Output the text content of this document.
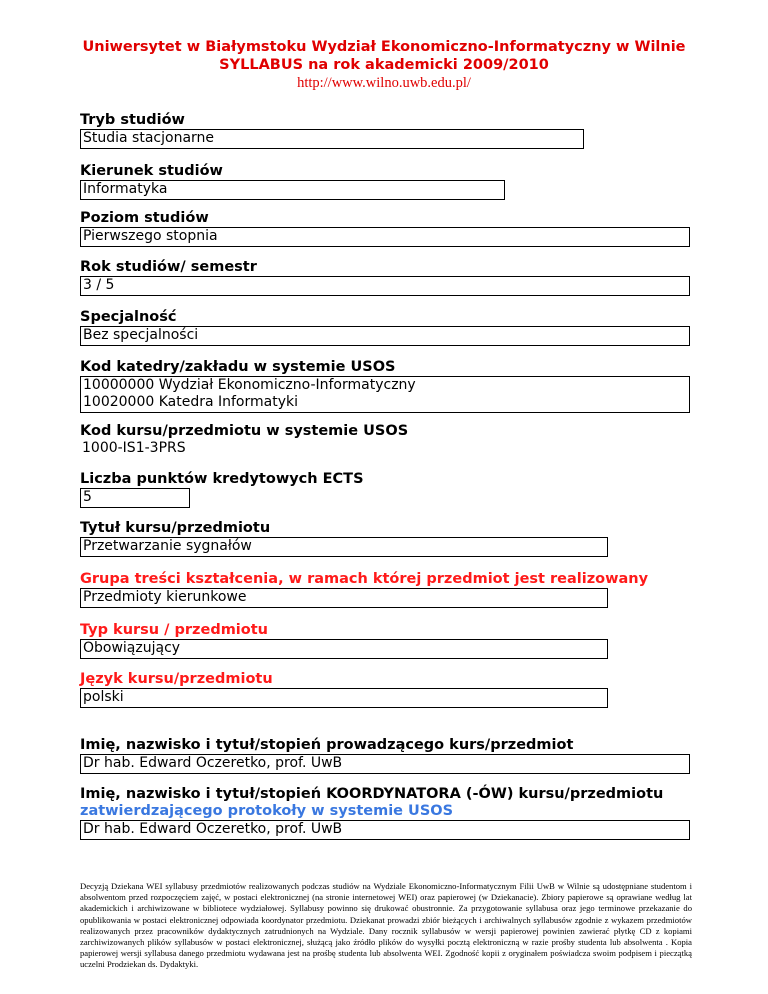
Uniwersytet w Białymstoku Wydział Ekonomiczno-Informatyczny w Wilnie
SYLLABUS na rok akademicki 2009/2010
http://www.wilno.uwb.edu.pl/
Tryb studiów
Studia stacjonarne
Kierunek studiów
Informatyka
Poziom studiów
Pierwszego stopnia
Rok studiów/ semestr
3 / 5
Specjalność
Bez specjalności
Kod katedry/zakładu w systemie USOS
10000000 Wydział Ekonomiczno-Informatyczny
10020000 Katedra Informatyki
Kod kursu/przedmiotu w systemie USOS
1000-IS1-3PRS
Liczba punktów kredytowych ECTS
5
Tytuł kursu/przedmiotu
Przetwarzanie sygnałów
Grupa treści kształcenia, w ramach której przedmiot jest realizowany
Przedmioty kierunkowe
Typ kursu / przedmiotu
Obowiązujący
Język kursu/przedmiotu
polski
Imię, nazwisko i tytuł/stopień prowadzącego kurs/przedmiot
Dr hab. Edward Oczeretko, prof. UwB
Imię, nazwisko i tytuł/stopień KOORDYNATORA (-ÓW) kursu/przedmiotu
zatwierdzającego protokoły w systemie USOS
Dr hab. Edward Oczeretko, prof. UwB
Decyzją Dziekana WEI syllabusy przedmiotów realizowanych podczas studiów na Wydziale Ekonomiczno-Informatycznym Filii UwB w Wilnie są udostępniane studentom i absolwentom przed rozpoczęciem zajęć, w postaci elektronicznej (na stronie internetowej WEI) oraz papierowej (w Dziekanacie). Zbiory papierowe są oprawiane według lat akademickich i archiwizowane w bibliotece wydziałowej. Syllabusy powinno się drukować obustronnie. Za przygotowanie syllabusa oraz jego terminowe przekazanie do opublikowania w postaci elektronicznej odpowiada koordynator przedmiotu. Dziekanat prowadzi zbiór bieżących i archiwalnych syllabusów zgodnie z wykazem przedmiotów realizowanych przez pracowników dydaktycznych zatrudnionych na Wydziale. Dany rocznik syllabusów w wersji papierowej powinien zawierać płytkę CD z kopiami zarchiwizowanych plików syllabusów w postaci elektronicznej, służącą jako źródło plików do wysyłki pocztą elektroniczną w razie prośby studenta lub absolwenta . Kopia papierowej wersji syllabusa danego przedmiotu wydawana jest na prośbę studenta lub absolwenta WEI. Zgodność kopii z oryginałem poświadcza swoim podpisem i pieczątką uczelni Prodziekan ds. Dydaktyki.
